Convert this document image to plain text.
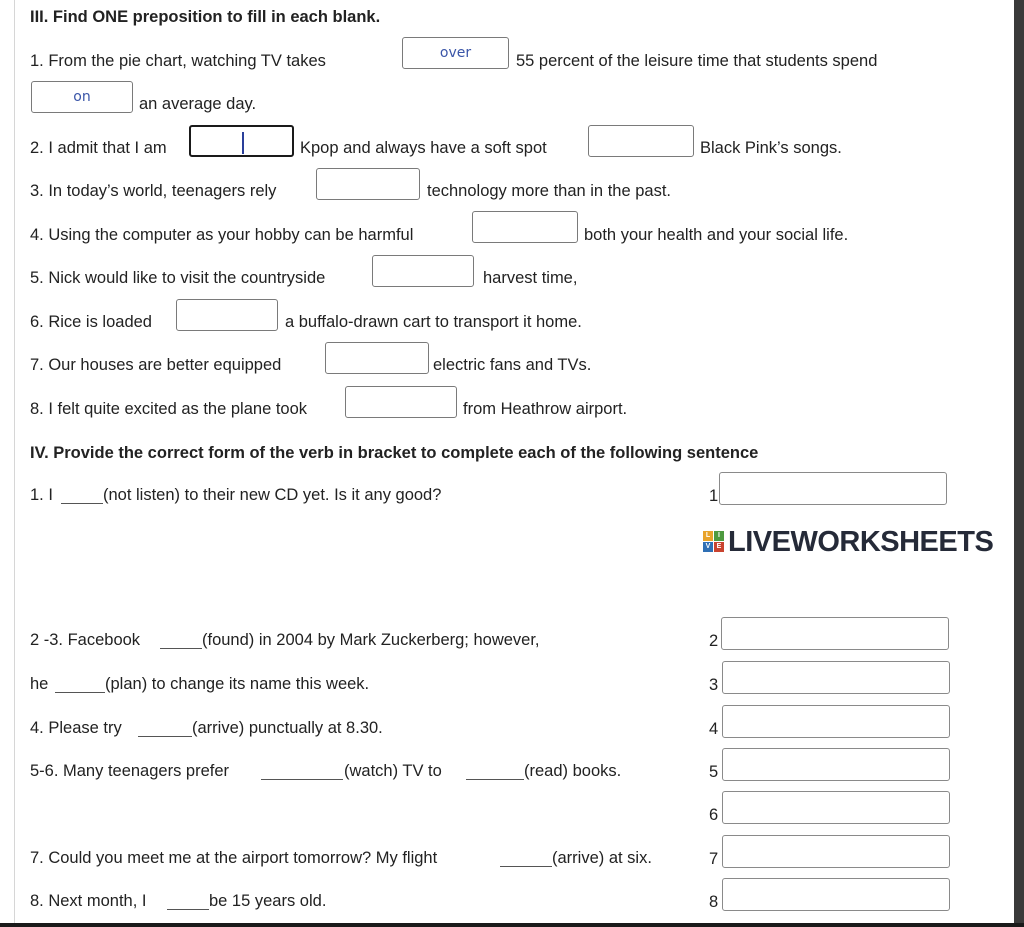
III. Find ONE preposition to fill in each blank.
1. From the pie chart, watching TV takes
over	55 percent of the leisure time that students spend
on
an average day.
2. I admit that I am	Kpop and always have a soft spot	Black Pink’s songs.
3. In today’s world, teenagers rely	technology more than in the past.
4. Using the computer as your hobby can be harmful	both your health and your social life.
5. Nick would like to visit the countryside	harvest time,
6. Rice is loaded	a buffalo-drawn cart to transport it home.
7. Our houses are better equipped	electric fans and TVs.
8. I felt quite excited as the plane took	from Heathrow airport.
IV. Provide the correct form of the verb in bracket to complete each of the following sentence
1. I	(not listen) to their new CD yet. Is it any good?
L	I
V E LIVEWORKSHEETS
2 -3. Facebook	(found) in 2004 by Mark Zuckerberg; however,
he	(plan) to change its name this week.
4. Please try	(arrive) punctually at 8.30.
5-6. Many teenagers prefer	(watch) TV to	(read) books.
7. Could you meet me at the airport tomorrow? My flight	(arrive) at six.
8. Next month, I	be 15 years old.
1
2
3
4
5
6
7
8
